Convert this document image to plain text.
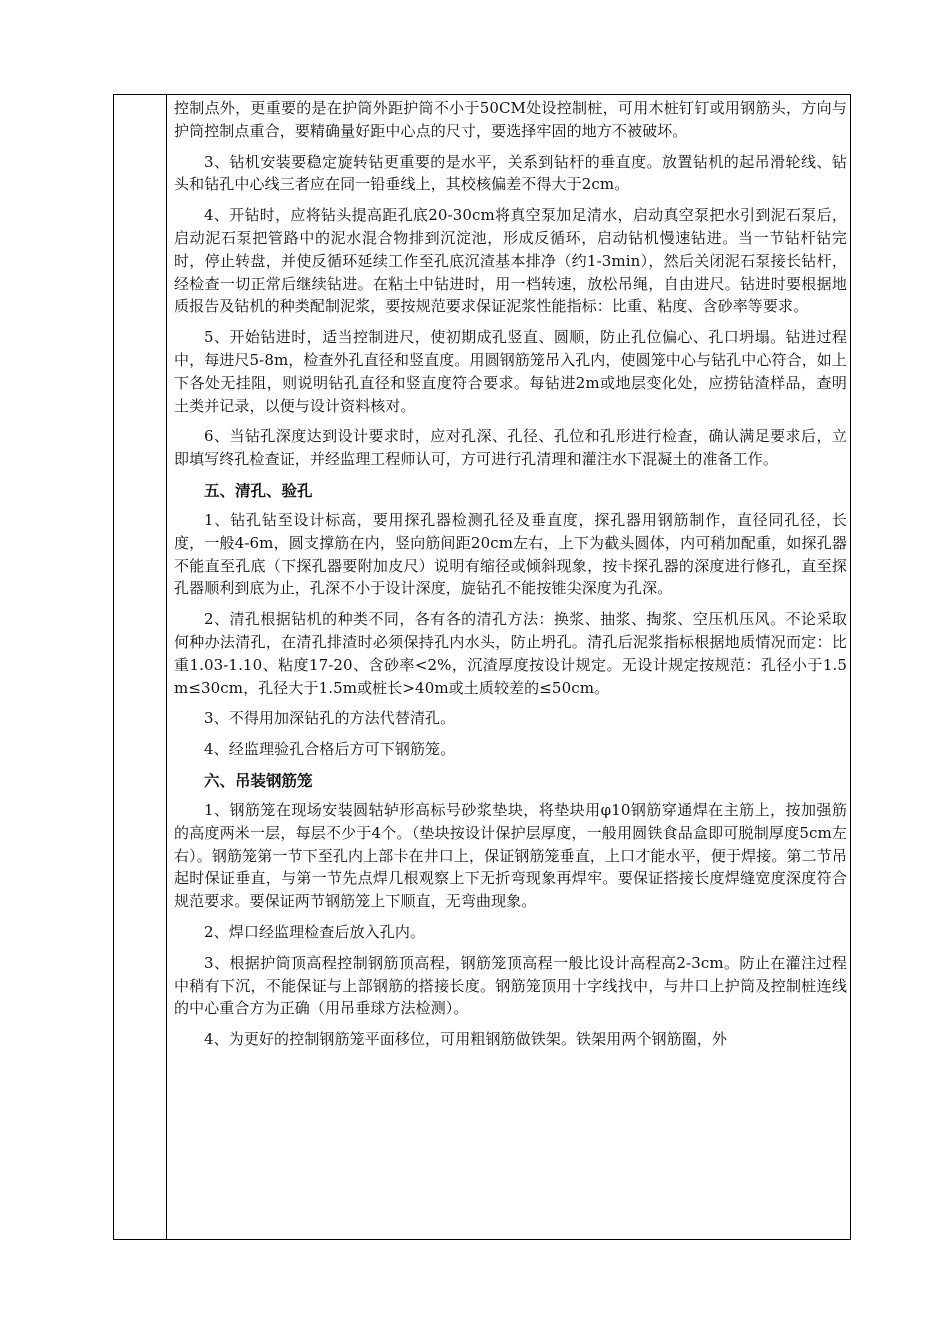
控制点外，更重要的是在护筒外距护筒不小于50CM处设控制桩，可用木桩钉钉或用钢筋头，方向与护筒控制点重合，要精确量好距中心点的尺寸，要选择牢固的地方不被破坏。

3、钻机安装要稳定旋转钻更重要的是水平，关系到钻杆的垂直度。放置钻机的起吊滑轮线、钻头和钻孔中心线三者应在同一铅垂线上，其校核偏差不得大于2cm。

4、开钻时，应将钻头提高距孔底20-30cm将真空泵加足清水，启动真空泵把水引到泥石泵后，启动泥石泵把管路中的泥水混合物排到沉淀池，形成反循环，启动钻机慢速钻进。当一节钻杆钻完时，停止转盘，并使反循环延续工作至孔底沉渣基本排净（约1-3min），然后关闭泥石泵接长钻杆，经检查一切正常后继续钻进。在粘土中钻进时，用一档转速，放松吊绳，自由进尺。钻进时要根据地质报告及钻机的种类配制泥浆，要按规范要求保证泥浆性能指标：比重、粘度、含砂率等要求。

5、开始钻进时，适当控制进尺，使初期成孔竖直、圆顺，防止孔位偏心、孔口坍塌。钻进过程中，每进尺5-8m，检查外孔直径和竖直度。用圆钢筋笼吊入孔内，使圆笼中心与钻孔中心符合，如上下各处无挂阻，则说明钻孔直径和竖直度符合要求。每钻进2m或地层变化处，应捞钻渣样品，查明土类并记录，以便与设计资料核对。

6、当钻孔深度达到设计要求时，应对孔深、孔径、孔位和孔形进行检查，确认满足要求后，立即填写终孔检查证，并经监理工程师认可，方可进行孔清理和灌注水下混凝土的准备工作。

五、清孔、验孔

1、钻孔钻至设计标高，要用探孔器检测孔径及垂直度，探孔器用钢筋制作，直径同孔径，长度，一般4-6m，圆支撑筋在内，竖向筋间距20cm左右，上下为截头圆体，内可稍加配重，如探孔器不能直至孔底（下探孔器要附加皮尺）说明有缩径或倾斜现象，按卡探孔器的深度进行修孔，直至探孔器顺利到底为止，孔深不小于设计深度，旋钻孔不能按锥尖深度为孔深。

2、清孔根据钻机的种类不同，各有各的清孔方法：换浆、抽浆、掏浆、空压机压风。不论采取何种办法清孔，在清孔排渣时必须保持孔内水头，防止坍孔。清孔后泥浆指标根据地质情况而定：比重1.03-1.10、粘度17-20、含砂率<2%，沉渣厚度按设计规定。无设计规定按规范：孔径小于1.5m≤30cm，孔径大于1.5m或桩长>40m或土质较差的≤50cm。

3、不得用加深钻孔的方法代替清孔。

4、经监理验孔合格后方可下钢筋笼。

六、吊装钢筋笼

1、钢筋笼在现场安装圆轱轳形高标号砂浆垫块，将垫块用φ10钢筋穿通焊在主筋上，按加强筋的高度两米一层，每层不少于4个。（垫块按设计保护层厚度，一般用圆铁食品盒即可脱制厚度5cm左右）。钢筋笼第一节下至孔内上部卡在井口上，保证钢筋笼垂直，上口才能水平，便于焊接。第二节吊起时保证垂直，与第一节先点焊几根观察上下无折弯现象再焊牢。要保证搭接长度焊缝宽度深度符合规范要求。要保证两节钢筋笼上下顺直，无弯曲现象。

2、焊口经监理检查后放入孔内。

3、根据护筒顶高程控制钢筋顶高程，钢筋笼顶高程一般比设计高程高2-3cm。防止在灌注过程中稍有下沉，不能保证与上部钢筋的搭接长度。钢筋笼顶用十字线找中，与井口上护筒及控制桩连线的中心重合方为正确（用吊垂球方法检测）。

4、为更好的控制钢筋笼平面移位，可用粗钢筋做铁架。铁架用两个钢筋圈，外
